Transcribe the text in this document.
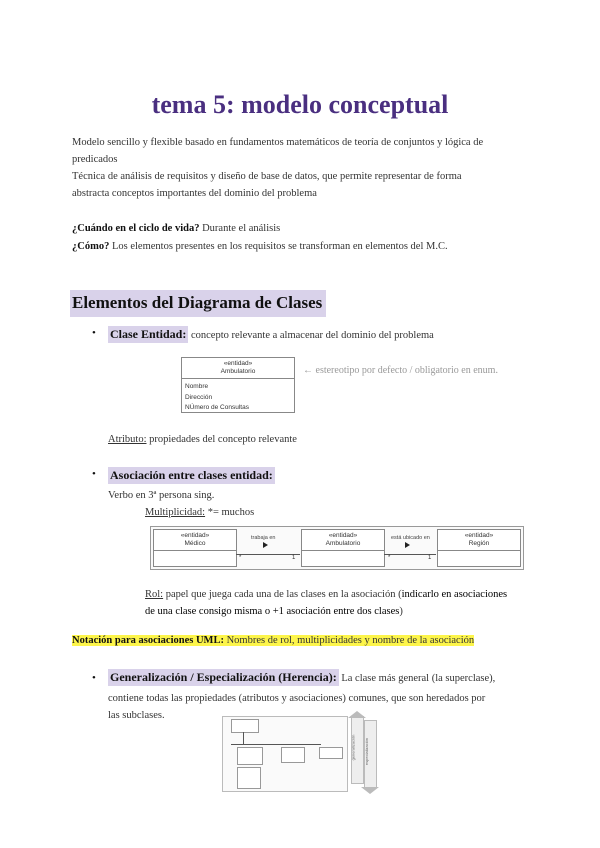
tema 5: modelo conceptual
Modelo sencillo y flexible basado en fundamentos matemáticos de teoría de conjuntos y lógica de
predicados
Técnica de análisis de requisitos y diseño de base de datos, que permite representar de forma
abstracta conceptos importantes del dominio del problema
¿Cuándo en el ciclo de vida? Durante el análisis
¿Cómo? Los elementos presentes en los requisitos se transforman en elementos del M.C.
Elementos del Diagrama de Clases
• Clase Entidad: concepto relevante a almacenar del dominio del problema
«entidad»
Ambulatorio
Nombre
Dirección
NÚmero de Consultas
← estereotipo por defecto / obligatorio en enum.
Atributo: propiedades del concepto relevante
• Asociación entre clases entidad:
Verbo en 3ª persona sing.
Multiplicidad: *= muchos
«entidad»
Médico
«entidad»
Ambulatorio
«entidad»
Región
trabaja en
*	1
está ubicado en
*	1
Rol: papel que juega cada una de las clases en la asociación (indicarlo en asociaciones
de una clase consigo misma o +1 asociación entre dos clases)
Notación para asociaciones UML: Nombres de rol, multiplicidades y nombre de la asociación
• Generalización / Especialización (Herencia): La clase más general (la superclase),
contiene todas las propiedades (atributos y asociaciones) comunes, que son heredados por
las subclases.
generalización especialización
